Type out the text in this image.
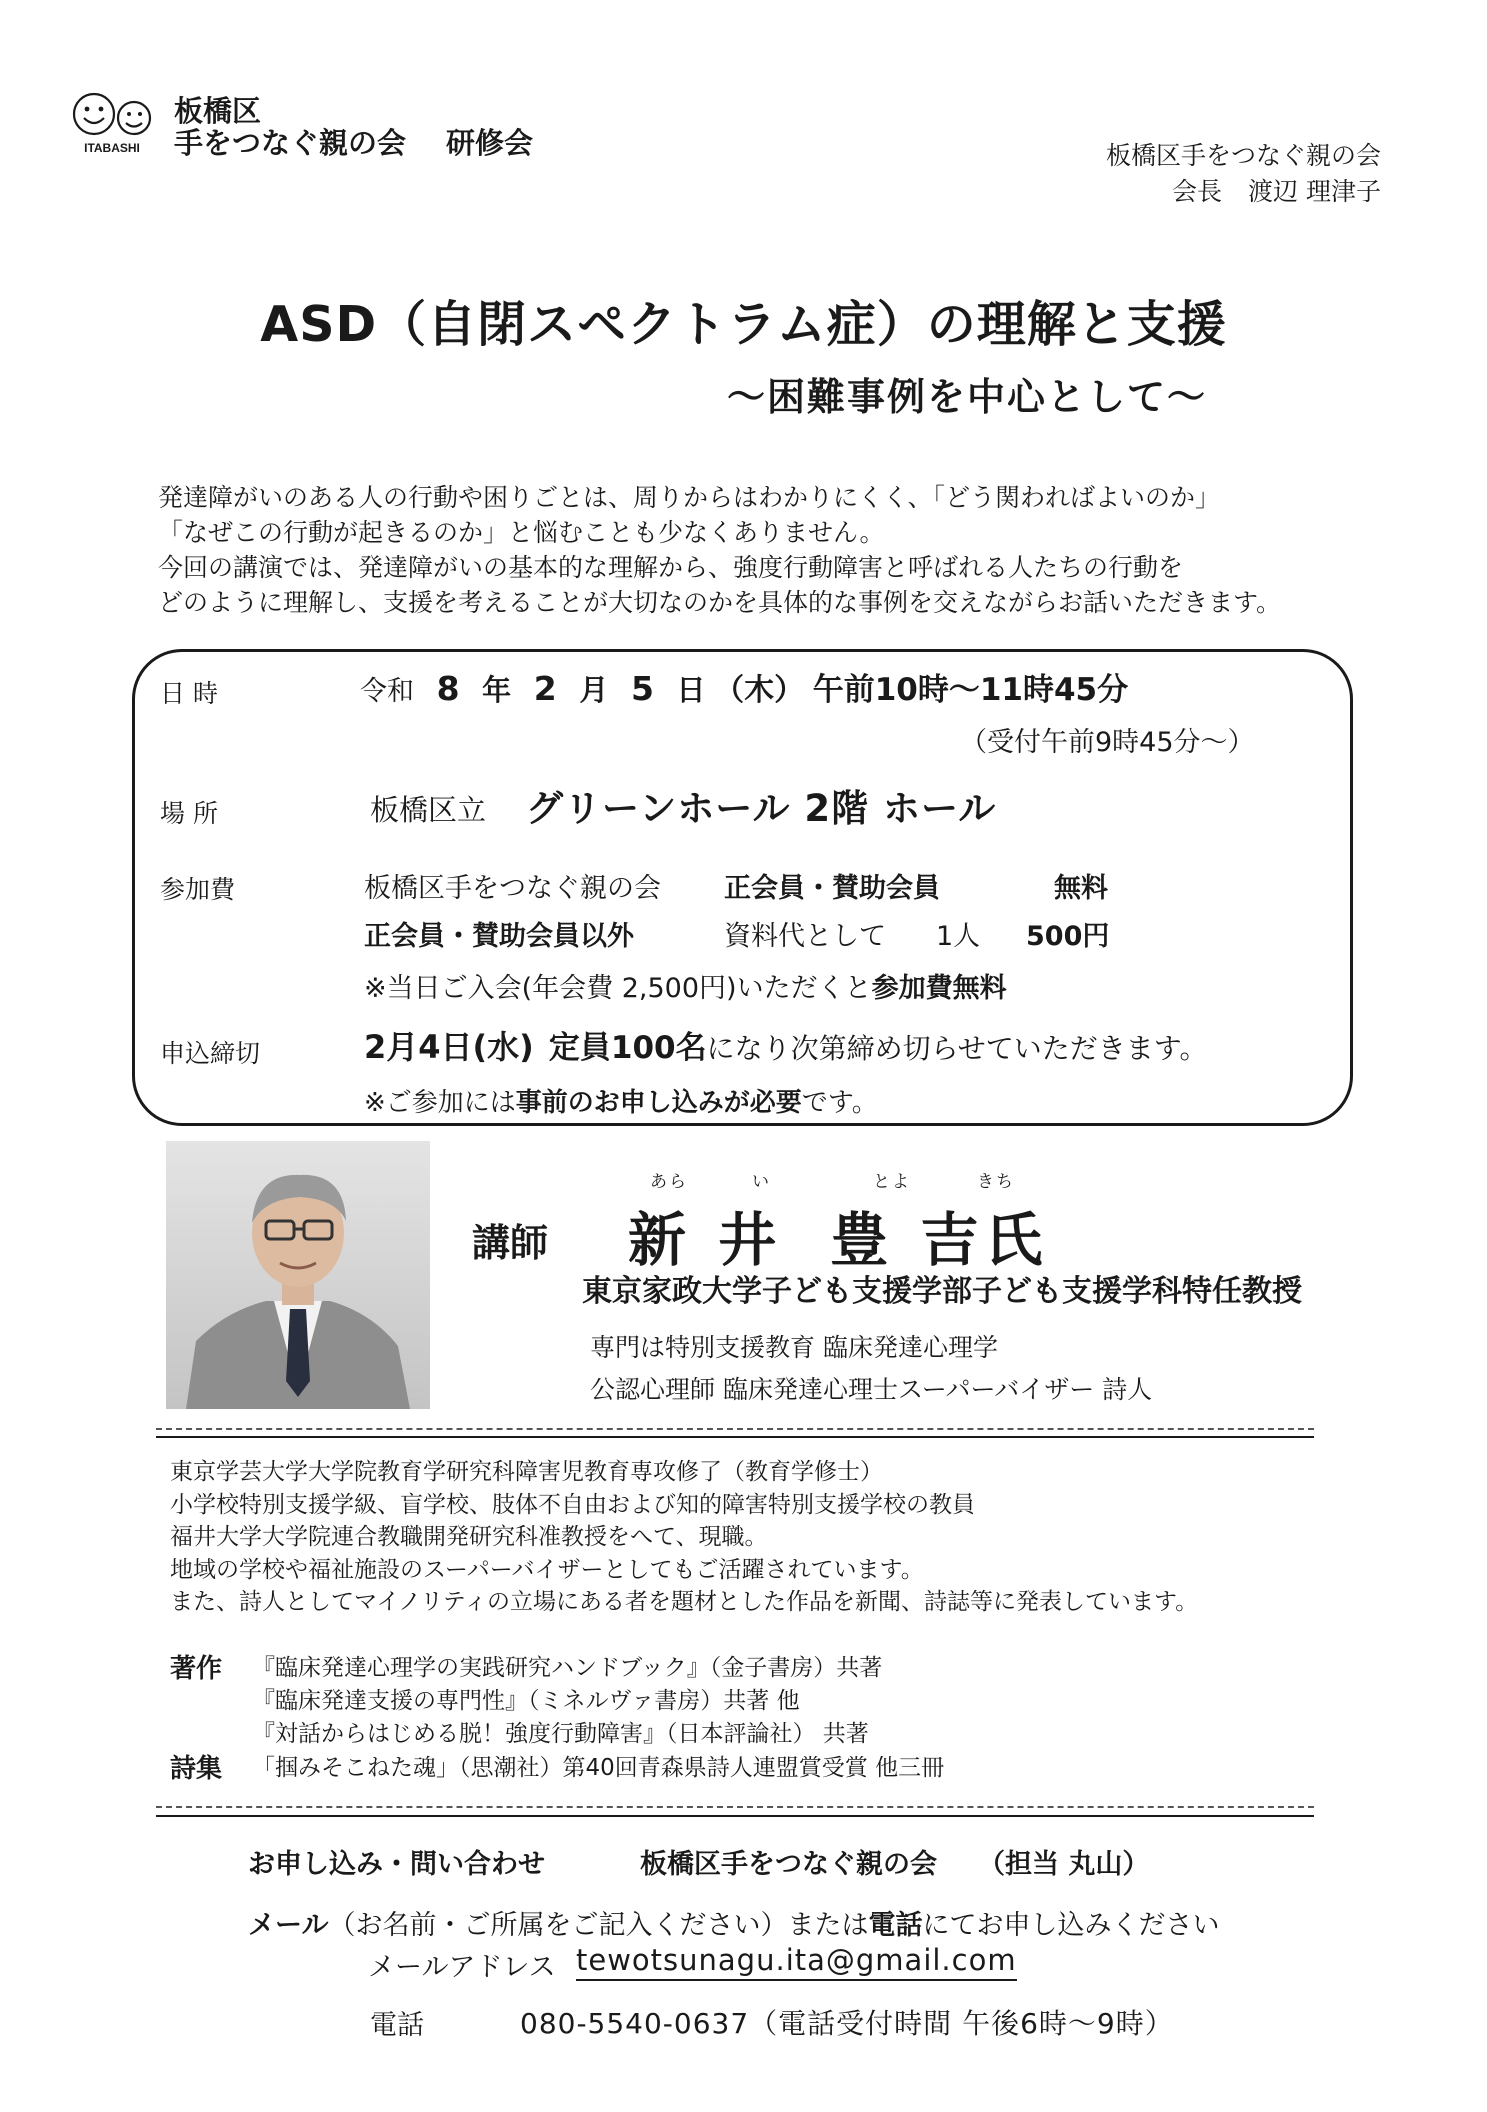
ITABASHI
板橋区
手をつなぐ親の会 研修会	板橋区手をつなぐ親の会
会長 渡辺 理津子
ASD（自閉スペクトラム症）の理解と支援
～困難事例を中心として～
発達障がいのある人の行動や困りごとは、周りからはわかりにくく、「どう関わればよいのか」
「なぜこの行動が起きるのか」と悩むことも少なくありません。
今回の講演では、発達障がいの基本的な理解から、強度行動障害と呼ばれる人たちの行動を
どのように理解し、支援を考えることが大切なのかを具体的な事例を交えながらお話いただきます。
日 時	令和 8 年 2 月 5 日 （木） 午前10時～11時45分
（受付午前9時45分～）
場 所	板橋区立 グリーンホール 2階 ホール
参加費	板橋区手をつなぐ親の会 正会員・賛助会員	無料
正会員・賛助会員以外	資料代として 1人 500円
※当日ご入会(年会費 2,500円)いただくと参加費無料
申込締切	2月4日(水) 定員100名になり次第締め切らせていただきます。
※ご参加には事前のお申し込みが必要です。
講師
あら	い	とよ	きち
新 井 豊 吉氏
東京家政大学子ども支援学部子ども支援学科特任教授
専門は特別支援教育 臨床発達心理学
公認心理師 臨床発達心理士スーパーバイザー 詩人
東京学芸大学大学院教育学研究科障害児教育専攻修了（教育学修士）
小学校特別支援学級、盲学校、肢体不自由および知的障害特別支援学校の教員
福井大学大学院連合教職開発研究科准教授をへて、現職。
地域の学校や福祉施設のスーパーバイザーとしてもご活躍されています。
また、詩人としてマイノリティの立場にある者を題材とした作品を新聞、詩誌等に発表しています。
著作 『臨床発達心理学の実践研究ハンドブック』（金子書房）共著
『臨床発達支援の専門性』（ミネルヴァ書房）共著 他
『対話からはじめる脱！強度行動障害』（日本評論社） 共著
詩集 「掴みそこねた魂」（思潮社）第40回青森県詩人連盟賞受賞 他三冊
お申し込み・問い合わせ	板橋区手をつなぐ親の会 （担当 丸山）
メール（お名前・ご所属をご記入ください）または電話にてお申し込みください
メールアドレス tewotsunagu.ita@gmail.com
電話	080-5540-0637（電話受付時間 午後6時～9時）
